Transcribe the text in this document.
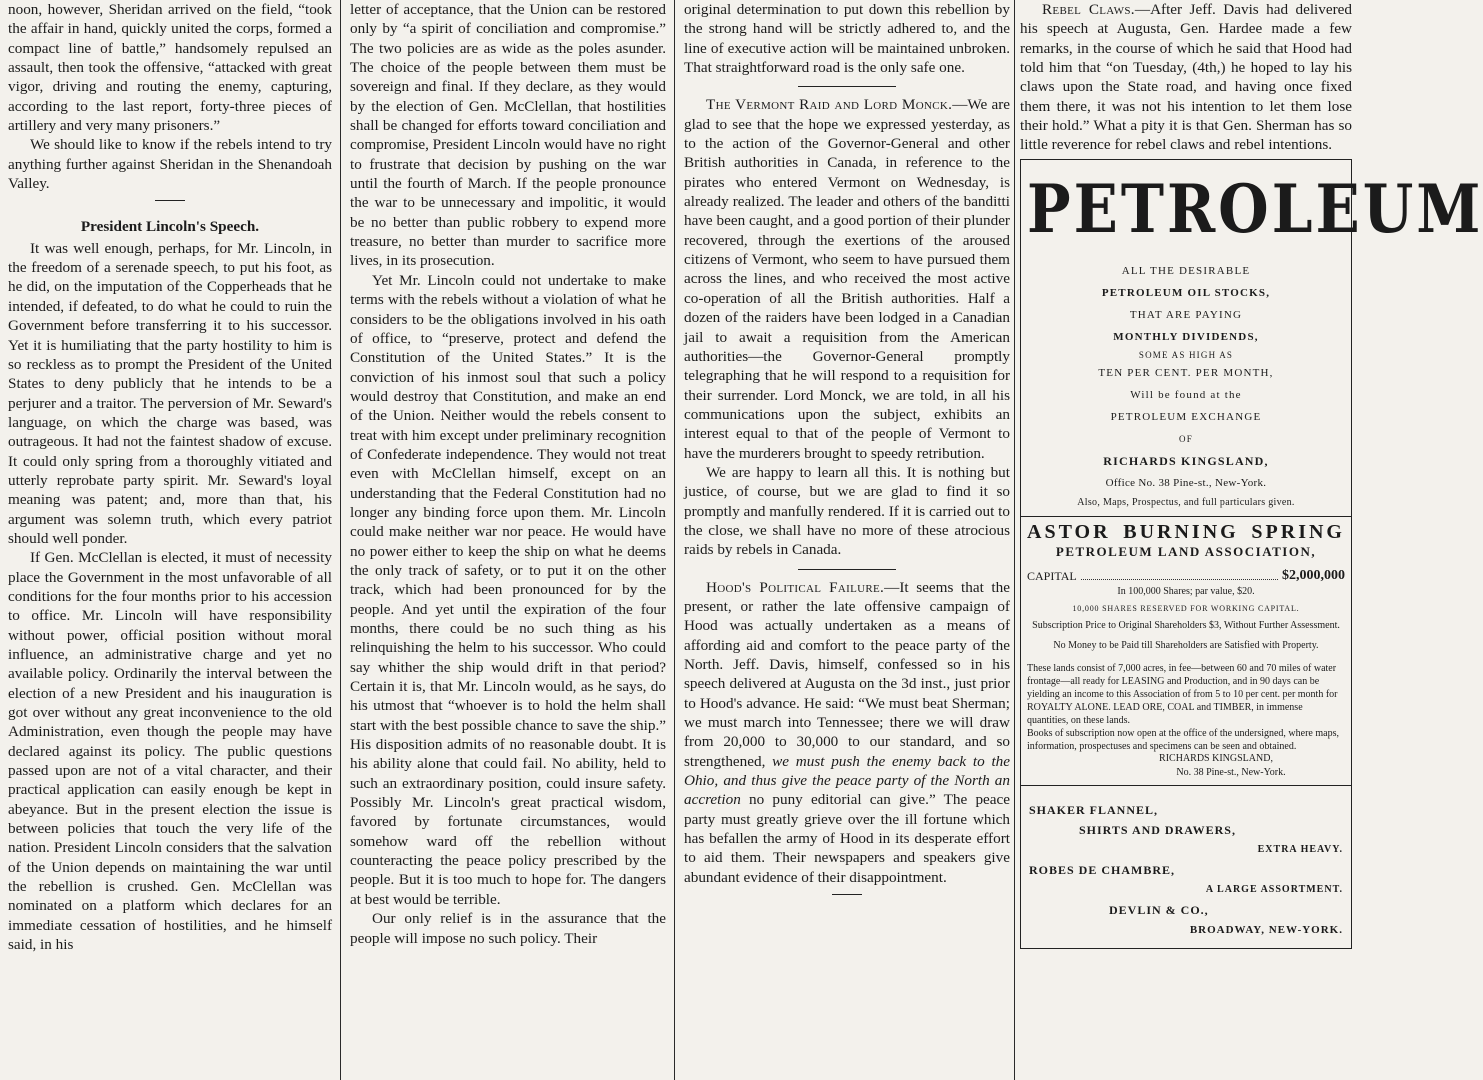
noon, however, Sheridan arrived on the field, “took the affair in hand, quickly united the corps, formed a compact line of battle,” handsomely repulsed an assault, then took the offensive, “attacked with great vigor, driving and routing the enemy, capturing, according to the last report, forty-three pieces of artillery and very many prisoners.”

We should like to know if the rebels intend to try anything further against Sheridan in the Shenandoah Valley.

President Lincoln's Speech.

It was well enough, perhaps, for Mr. Lincoln, in the freedom of a serenade speech, to put his foot, as he did, on the imputation of the Copperheads that he intended, if defeated, to do what he could to ruin the Government before transferring it to his successor. Yet it is humiliating that the party hostility to him is so reckless as to prompt the President of the United States to deny publicly that he intends to be a perjurer and a traitor. The perversion of Mr. Seward's language, on which the charge was based, was outrageous. It had not the faintest shadow of excuse. It could only spring from a thoroughly vitiated and utterly reprobate party spirit. Mr. Seward's loyal meaning was patent; and, more than that, his argument was solemn truth, which every patriot should well ponder.

If Gen. McClellan is elected, it must of necessity place the Government in the most unfavorable of all conditions for the four months prior to his accession to office. Mr. Lincoln will have responsibility without power, official position without moral influence, an administrative charge and yet no available policy. Ordinarily the interval between the election of a new President and his inauguration is got over without any great inconvenience to the old Administration, even though the people may have declared against its policy. The public questions passed upon are not of a vital character, and their practical application can easily enough be kept in abeyance. But in the present election the issue is between policies that touch the very life of the nation. President Lincoln considers that the salvation of the Union depends on maintaining the war until the rebellion is crushed. Gen. McClellan was nominated on a platform which declares for an immediate cessation of hostilities, and he himself said, in his

letter of acceptance, that the Union can be restored only by “a spirit of conciliation and compromise.” The two policies are as wide as the poles asunder. The choice of the people between them must be sovereign and final. If they declare, as they would by the election of Gen. McClellan, that hostilities shall be changed for efforts toward conciliation and compromise, President Lincoln would have no right to frustrate that decision by pushing on the war until the fourth of March. If the people pronounce the war to be unnecessary and impolitic, it would be no better than public robbery to expend more treasure, no better than murder to sacrifice more lives, in its prosecution.

Yet Mr. Lincoln could not undertake to make terms with the rebels without a violation of what he considers to be the obligations involved in his oath of office, to “preserve, protect and defend the Constitution of the United States.” It is the conviction of his inmost soul that such a policy would destroy that Constitution, and make an end of the Union. Neither would the rebels consent to treat with him except under preliminary recognition of Confederate independence. They would not treat even with McClellan himself, except on an understanding that the Federal Constitution had no longer any binding force upon them. Mr. Lincoln could make neither war nor peace. He would have no power either to keep the ship on what he deems the only track of safety, or to put it on the other track, which had been pronounced for by the people. And yet until the expiration of the four months, there could be no such thing as his relinquishing the helm to his successor. Who could say whither the ship would drift in that period? Certain it is, that Mr. Lincoln would, as he says, do his utmost that “whoever is to hold the helm shall start with the best possible chance to save the ship.” His disposition admits of no reasonable doubt. It is his ability alone that could fail. No ability, held to such an extraordinary position, could insure safety. Possibly Mr. Lincoln's great practical wisdom, favored by fortunate circumstances, would somehow ward off the rebellion without counteracting the peace policy prescribed by the people. But it is too much to hope for. The dangers at best would be terrible.

Our only relief is in the assurance that the people will impose no such policy. Their

original determination to put down this rebellion by the strong hand will be strictly adhered to, and the line of executive action will be maintained unbroken. That straightforward road is the only safe one.

The Vermont Raid and Lord Monck.—We are glad to see that the hope we expressed yesterday, as to the action of the Governor-General and other British authorities in Canada, in reference to the pirates who entered Vermont on Wednesday, is already realized. The leader and others of the banditti have been caught, and a good portion of their plunder recovered, through the exertions of the aroused citizens of Vermont, who seem to have pursued them across the lines, and who received the most active co-operation of all the British authorities. Half a dozen of the raiders have been lodged in a Canadian jail to await a requisition from the American authorities—the Governor-General promptly telegraphing that he will respond to a requisition for their surrender. Lord Monck, we are told, in all his communications upon the subject, exhibits an interest equal to that of the people of Vermont to have the murderers brought to speedy retribution.

We are happy to learn all this. It is nothing but justice, of course, but we are glad to find it so promptly and manfully rendered. If it is carried out to the close, we shall have no more of these atrocious raids by rebels in Canada.

Hood's Political Failure.—It seems that the present, or rather the late offensive campaign of Hood was actually undertaken as a means of affording aid and comfort to the peace party of the North. Jeff. Davis, himself, confessed so in his speech delivered at Augusta on the 3d inst., just prior to Hood's advance. He said: “We must beat Sherman; we must march into Tennessee; there we will draw from 20,000 to 30,000 to our standard, and so strengthened, we must push the enemy back to the Ohio, and thus give the peace party of the North an accretion no puny editorial can give.” The peace party must greatly grieve over the ill fortune which has befallen the army of Hood in its desperate effort to aid them. Their newspapers and speakers give abundant evidence of their disappointment.

Rebel Claws.—After Jeff. Davis had delivered his speech at Augusta, Gen. Hardee made a few remarks, in the course of which he said that Hood had told him that “on Tuesday, (4th,) he hoped to lay his claws upon the State road, and having once fixed them there, it was not his intention to let them lose their hold.” What a pity it is that Gen. Sherman has so little reverence for rebel claws and rebel intentions.

PETROLEUM
ALL THE DESIRABLE
PETROLEUM OIL STOCKS,
THAT ARE PAYING
MONTHLY DIVIDENDS,
SOME AS HIGH AS
TEN PER CENT. PER MONTH,
Will be found at the
PETROLEUM EXCHANGE
OF
RICHARDS KINGSLAND,
Office No. 38 Pine-st., New-York.
Also, Maps, Prospectus, and full particulars given.
ASTOR BURNING SPRING
PETROLEUM LAND ASSOCIATION,
CAPITAL	$2,000,000
In 100,000 Shares; par value, $20.
10,000 SHARES RESERVED FOR WORKING CAPITAL.
Subscription Price to Original Shareholders $3, Without Further Assessment.
No Money to be Paid till Shareholders are Satisfied with Property.
These lands consist of 7,000 acres, in fee—between 60 and 70 miles of water frontage—all ready for LEASING and Production, and in 90 days can be yielding an income to this Association of from 5 to 10 per cent. per month for ROYALTY ALONE. LEAD ORE, COAL and TIMBER, in immense quantities, on these lands.
Books of subscription now open at the office of the undersigned, where maps, information, prospectuses and specimens can be seen and obtained.
RICHARDS KINGSLAND,
No. 38 Pine-st., New-York.
SHAKER FLANNEL,
SHIRTS AND DRAWERS,
EXTRA HEAVY.
ROBES DE CHAMBRE,
A LARGE ASSORTMENT.
DEVLIN & CO.,
BROADWAY, NEW-YORK.
